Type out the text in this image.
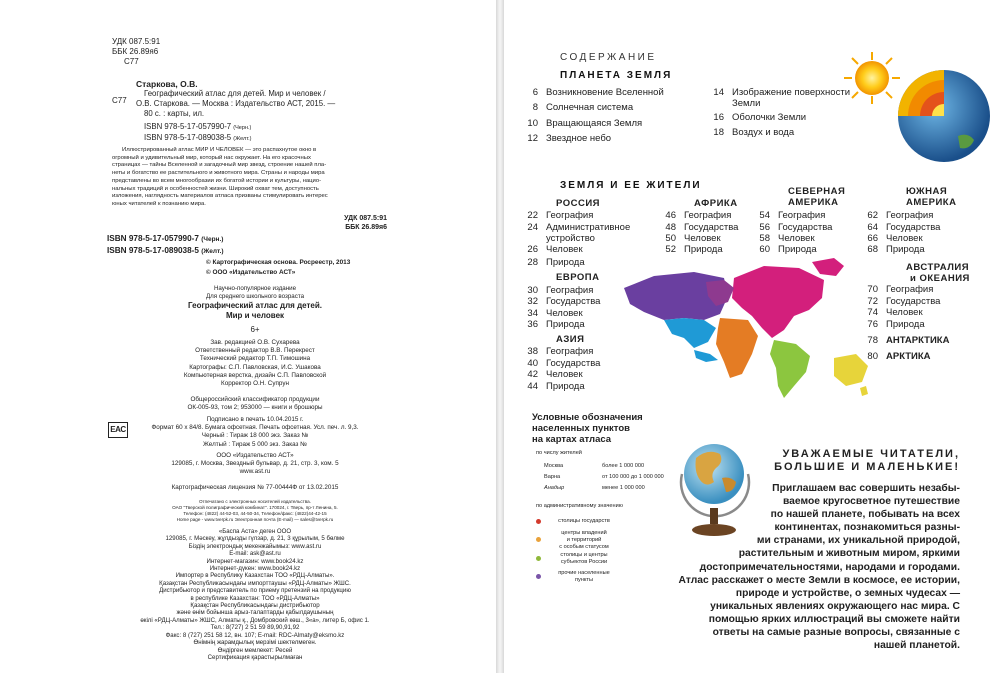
УДК 087.5:91
ББК 26.89я6
С77
Старкова, О.В.
С77
Географический атлас для детей. Мир и человек /
О.В. Старкова. — Москва : Издательство АСТ, 2015. —
80 с. : карты, ил.
ISBN 978-5-17-057990-7 (Черн.)
ISBN 978-5-17-089038-5 (Желт.)
Иллюстрированный атлас МИР И ЧЕЛОВЕК — это распахнутое окно в
огромный и удивительный мир, который нас окружает. На его красочных
страницах — тайны Вселенной и загадочный мир звезд, строение нашей пла-
неты и богатство ее растительного и животного мира. Страны и народы мира
представлены во всем многообразии их богатой истории и культуры, нацио-
нальных традиций и особенностей жизни. Широкий охват тем, доступность
изложения, наглядность материалов атласа призваны стимулировать интерес
юных читателей к познанию мира.
УДК 087.5:91
ББК 26.89я6
ISBN 978-5-17-057990-7 (Черн.)
ISBN 978-5-17-089038-5 (Желт.)
© Картографическая основа. Росреестр, 2013
© ООО «Издательство АСТ»
Научно-популярное издание
Для среднего школьного возраста
Географический атлас для детей.
Мир и человек
6+
Зав. редакцией О.В. Сухарева
Ответственный редактор В.В. Перекрест
Технический редактор Т.П. Тимошина
Картографы: С.П. Павловская, И.С. Ушакова
Компьютерная верстка, дизайн С.П. Павловской
Корректор О.Н. Супрун
Общероссийский классификатор продукции
ОК-005-93, том 2; 953000 — книги и брошюры
EAC
Подписано в печать 10.04.2015 г.
Формат 60 х 84/8. Бумага офсетная. Печать офсетная. Усл. печ. л. 9,3.
Черный : Тираж 18 000 экз. Заказ №
Желтый : Тираж 5 000 экз. Заказ №
ООО «Издательство АСТ»
129085, г. Москва, Звездный бульвар, д. 21, стр. 3, ком. 5
www.ast.ru
Картографическая лицензия № 77-00444Ф от 13.02.2015
Отпечатано с электронных носителей издательства.
ОАО "Тверской полиграфический комбинат". 170024, г. Тверь, пр-т Ленина, 5.
Телефон: (4822) 44-52-03, 44-50-34, Телефон/факс: (4822)44-42-15
Home page - www.tverpk.ru Электронная почта (E-mail) — sales@tverpk.ru
«Баспа Аста» деген ООО
129085, г. Мәскеу, жұлдызды гүлзар, д. 21, 3 құрылым, 5 бөлме
Біздің электрондық мекенжайымыз: www.ast.ru
E-mail: ask@ast.ru
Интернет-магазин: www.book24.kz
Интернет-дүкен: www.book24.kz
Импортер в Республику Казахстан ТОО «РДЦ-Алматы».
Қазақстан Республикасындағы импорттаушы «РДЦ-Алматы» ЖШС.
Дистрибьютор и представитель по приему претензий на продукцию
в республике Казахстан: ТОО «РДЦ-Алматы»
Қазақстан Республикасындағы дистрибьютор
және өнім бойынша арыз-талаптарды қабылдаушының
өкілі «РДЦ-Алматы» ЖШС, Алматы қ., Домбровский көш., 3«а», литер Б, офис 1.
Тел.: 8(727) 2 51 59 89,90,91,92
Факс: 8 (727) 251 58 12, вн. 107; E-mail: RDC-Almaty@eksmo.kz
Өнімнің жарамдылық мерзімі шектелмеген.
Өндірген мемлекет: Ресей
Сертификация қарастырылмаған
СОДЕРЖАНИЕ
ПЛАНЕТА ЗЕМЛЯ
6 Возникновение Вселенной
8 Солнечная система
10 Вращающаяся Земля
12 Звездное небо
14 Изображение поверхности
Земли
16 Оболочки Земли
18 Воздух и вода
ЗЕМЛЯ И ЕЕ ЖИТЕЛИ
РОССИЯ
22 География
24 Административное
устройство
26 Человек
28 Природа
ЕВРОПА
30 География
32 Государства
34 Человек
36 Природа
АЗИЯ
38 География
40 Государства
42 Человек
44 Природа
АФРИКА
46 География
48 Государства
50 Человек
52 Природа
СЕВЕРНАЯ
АМЕРИКА
54 География
56 Государства
58 Человек
60 Природа
ЮЖНАЯ
АМЕРИКА
62 География
64 Государства
66 Человек
68 Природа
АВСТРАЛИЯ
и ОКЕАНИЯ
70 География
72 Государства
74 Человек
76 Природа
78 АНТАРКТИКА
80 АРКТИКА
Условные обозначения
населенных пунктов
на картах атласа
по числу жителей
Москва	более 1 000 000
Варна	от 100 000 до 1 000 000
Анадыр	менее 1 000 000
по административному значению
столицы государств
центры владений
и территорий
с особым статусом
столицы и центры
субъектов России
прочие населенные
пункты
УВАЖАЕМЫЕ ЧИТАТЕЛИ,
БОЛЬШИЕ И МАЛЕНЬКИЕ!
Приглашаем вас совершить незабы-
ваемое кругосветное путешествие
по нашей планете, побывать на всех
континентах, познакомиться разны-
ми странами, их уникальной природой,
растительным и животным миром, яркими
достопримечательностями, народами и городами.
Атлас расскажет о месте Земли в космосе, ее истории,
природе и устройстве, о земных чудесах —
уникальных явлениях окружающего нас мира. С
помощью ярких иллюстраций вы сможете найти
ответы на самые разные вопросы, связанные с
нашей планетой.
